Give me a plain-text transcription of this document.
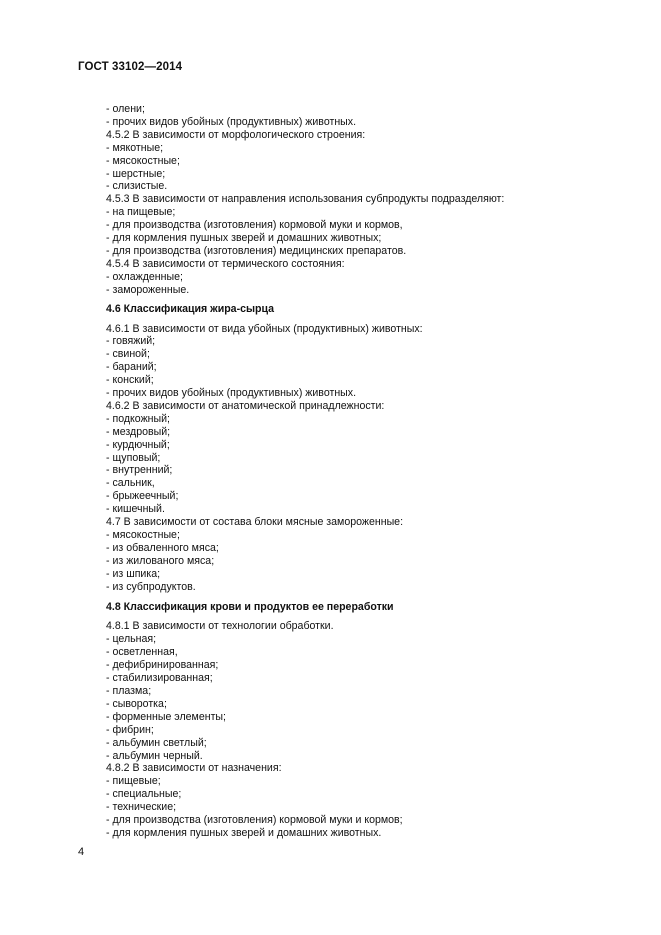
ГОСТ 33102—2014
- олени;
- прочих видов убойных (продуктивных) животных.
4.5.2 В зависимости от морфологического строения:
- мякотные;
- мясокостные;
- шерстные;
- слизистые.
4.5.3 В зависимости от направления использования субпродукты подразделяют:
- на пищевые;
- для производства (изготовления) кормовой муки и кормов,
- для кормления пушных зверей и домашних животных;
- для производства (изготовления) медицинских препаратов.
4.5.4 В зависимости от термического состояния:
- охлажденные;
- замороженные.
4.6 Классификация жира-сырца
4.6.1 В зависимости от вида убойных (продуктивных) животных:
- говяжий;
- свиной;
- бараний;
- конский;
- прочих видов убойных (продуктивных) животных.
4.6.2 В зависимости от анатомической принадлежности:
- подкожный;
- мездровый;
- курдючный;
- щуповый;
- внутренний;
- сальник,
- брыжеечный;
- кишечный.
4.7 В зависимости от состава блоки мясные замороженные:
- мясокостные;
- из обваленного мяса;
- из жилованого мяса;
- из шпика;
- из субпродуктов.
4.8 Классификация крови и продуктов ее переработки
4.8.1 В зависимости от технологии обработки.
- цельная;
- осветленная,
- дефибринированная;
- стабилизированная;
- плазма;
- сыворотка;
- форменные элементы;
- фибрин;
- альбумин светлый;
- альбумин черный.
4.8.2 В зависимости от назначения:
- пищевые;
- специальные;
- технические;
- для производства (изготовления) кормовой муки и кормов;
- для кормления пушных зверей и домашних животных.
4
